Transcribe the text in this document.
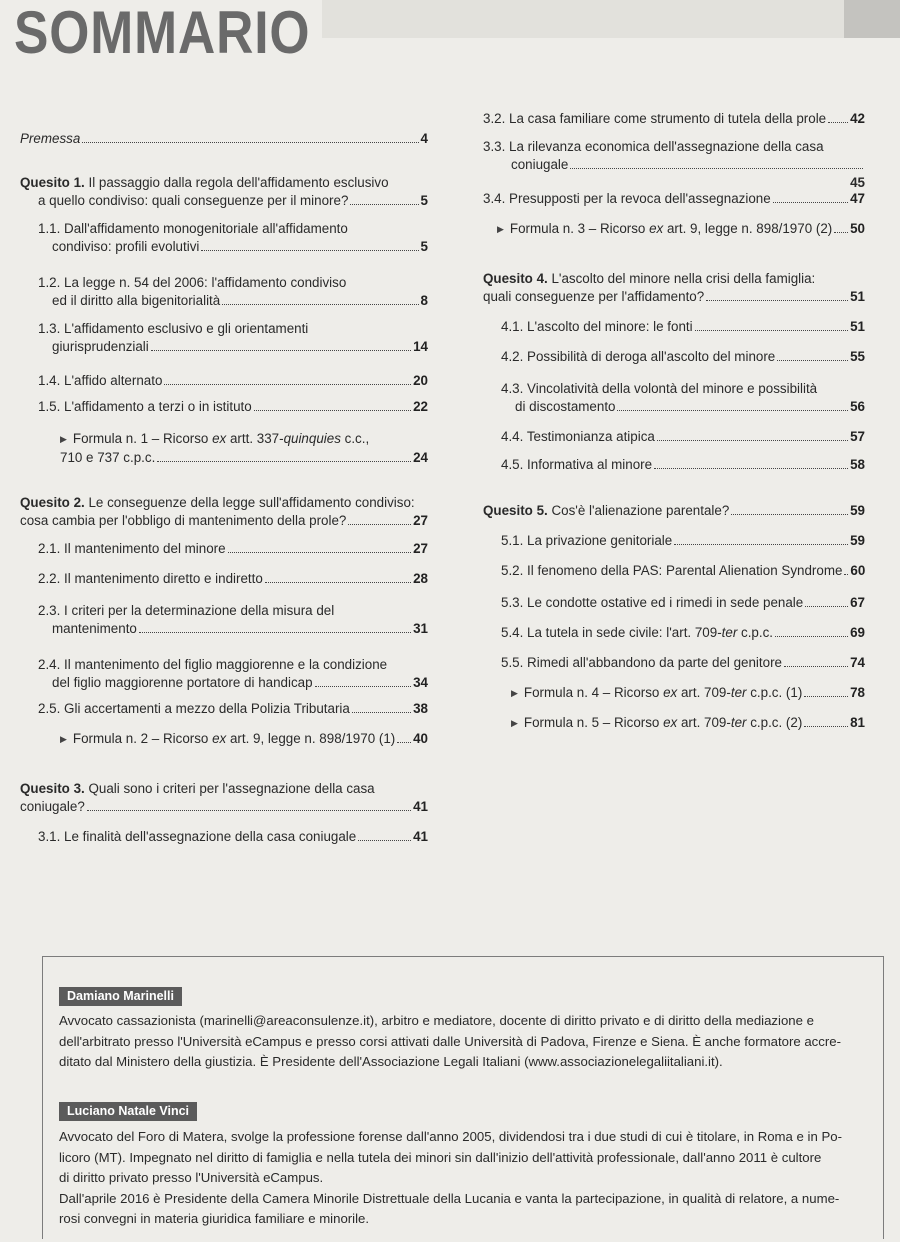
SOMMARIO
Premessa	4
Quesito 1. Il passaggio dalla regola dell'affidamento esclusivo
a quello condiviso: quali conseguenze per il minore?	5
1.1. Dall'affidamento monogenitoriale all'affidamento
condiviso: profili evolutivi	5
1.2. La legge n. 54 del 2006: l'affidamento condiviso
ed il diritto alla bigenitorialità	8
1.3. L'affidamento esclusivo e gli orientamenti
giurisprudenziali	14
1.4. L'affido alternato	20
1.5. L'affidamento a terzi o in istituto	22
▶ Formula n. 1 – Ricorso ex artt. 337-quinquies c.c.,
710 e 737 c.p.c.	24
Quesito 2. Le conseguenze della legge sull'affidamento condiviso:
cosa cambia per l'obbligo di mantenimento della prole?	27
2.1. Il mantenimento del minore	27
2.2. Il mantenimento diretto e indiretto	28
2.3. I criteri per la determinazione della misura del
mantenimento	31
2.4. Il mantenimento del figlio maggiorenne e la condizione
del figlio maggiorenne portatore di handicap	34
2.5. Gli accertamenti a mezzo della Polizia Tributaria	38
▶ Formula n. 2 – Ricorso ex art. 9, legge n. 898/1970 (1) 40
Quesito 3. Quali sono i criteri per l'assegnazione della casa
coniugale?	41
3.1. Le finalità dell'assegnazione della casa coniugale	41
3.2. La casa familiare come strumento di tutela della prole 42
3.3. La rilevanza economica dell'assegnazione della casa
coniugale
45
3.4. Presupposti per la revoca dell'assegnazione	47
▶ Formula n. 3 – Ricorso ex art. 9, legge n. 898/1970 (2) 50
Quesito 4. L'ascolto del minore nella crisi della famiglia:
quali conseguenze per l'affidamento?	51
4.1. L'ascolto del minore: le fonti	51
4.2. Possibilità di deroga all'ascolto del minore	55
4.3. Vincolatività della volontà del minore e possibilità
di discostamento	56
4.4. Testimonianza atipica	57
4.5. Informativa al minore	58
Quesito 5. Cos'è l'alienazione parentale?	59
5.1. La privazione genitoriale	59
5.2. Il fenomeno della PAS: Parental Alienation Syndrome 60
5.3. Le condotte ostative ed i rimedi in sede penale	67
5.4. La tutela in sede civile: l'art. 709-ter c.p.c.	69
5.5. Rimedi all'abbandono da parte del genitore	74
▶ Formula n. 4 – Ricorso ex art. 709-ter c.p.c. (1)	78
▶ Formula n. 5 – Ricorso ex art. 709-ter c.p.c. (2)	81
Damiano Marinelli
Avvocato cassazionista (marinelli@areaconsulenze.it), arbitro e mediatore, docente di diritto privato e di diritto della mediazione e
dell'arbitrato presso l'Università eCampus e presso corsi attivati dalle Università di Padova, Firenze e Siena. È anche formatore accre-
ditato dal Ministero della giustizia. È Presidente dell'Associazione Legali Italiani (www.associazionelegaliitaliani.it).
Luciano Natale Vinci
Avvocato del Foro di Matera, svolge la professione forense dall'anno 2005, dividendosi tra i due studi di cui è titolare, in Roma e in Po-
licoro (MT). Impegnato nel diritto di famiglia e nella tutela dei minori sin dall'inizio dell'attività professionale, dall'anno 2011 è cultore
di diritto privato presso l'Università eCampus.
Dall'aprile 2016 è Presidente della Camera Minorile Distrettuale della Lucania e vanta la partecipazione, in qualità di relatore, a nume-
rosi convegni in materia giuridica familiare e minorile.
